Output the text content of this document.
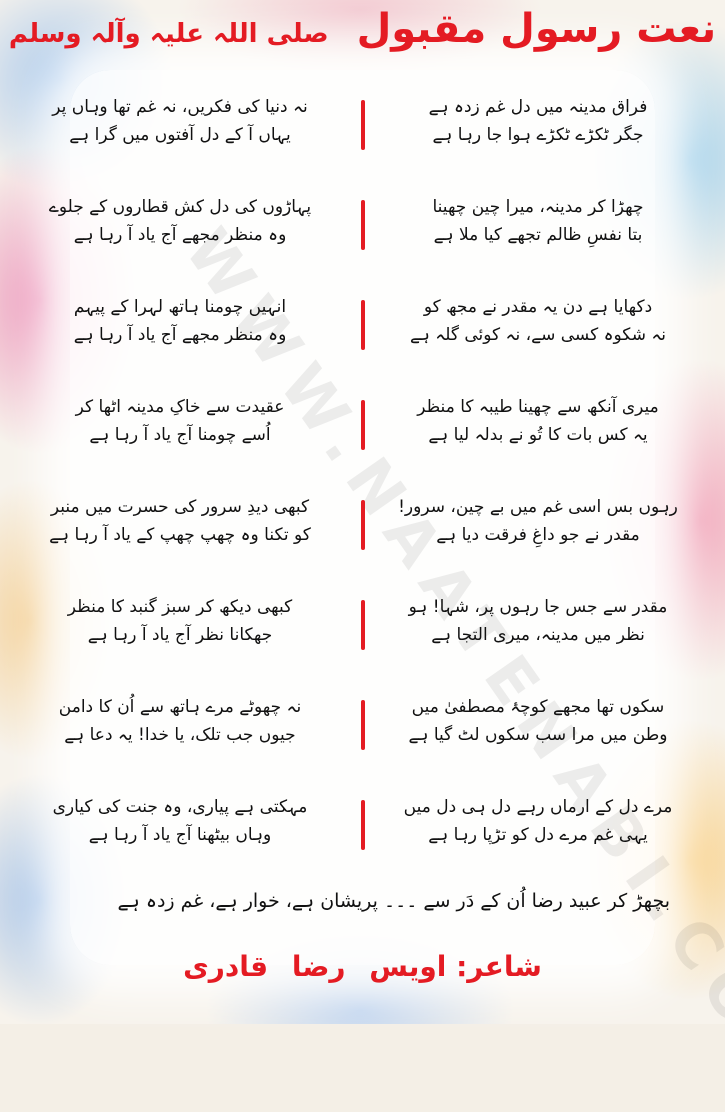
نعت رسول مقبول صلی اللہ علیہ وآلہ وسلم
فراق مدینہ میں دل غم زدہ ہے
جگر ٹکڑے ٹکڑے ہوا جا رہا ہے
چھڑا کر مدینہ، میرا چین چھینا
بتا نفسِ ظالم تجھے کیا ملا ہے
دکھایا ہے دن یہ مقدر نے مجھ کو
نہ شکوہ کسی سے، نہ کوئی گلہ ہے
میری آنکھ سے چھینا طیبہ کا منظر
یہ کس بات کا تُو نے بدلہ لیا ہے
رہوں بس اسی غم میں بے چین، سرور!
مقدر نے جو داغِ فرقت دیا ہے
مقدر سے جس جا رہوں پر، شہا! ہو
نظر میں مدینہ، میری التجا ہے
سکوں تھا مجھے کوچۂ مصطفیٰ میں
وطن میں مرا سب سکوں لٹ گیا ہے
مرے دل کے ارماں رہے دل ہی دل میں
یہی غم مرے دل کو تڑپا رہا ہے
نہ دنیا کی فکریں، نہ غم تھا وہاں پر
یہاں آ کے دل آفتوں میں گرا ہے
پہاڑوں کی دل کش قطاروں کے جلوے
وہ منظر مجھے آج یاد آ رہا ہے
انہیں چومنا ہاتھ لہرا کے پیہم
وہ منظر مجھے آج یاد آ رہا ہے
عقیدت سے خاکِ مدینہ اٹھا کر
اُسے چومنا آج یاد آ رہا ہے
کبھی دیدِ سرور کی حسرت میں منبر
کو تکنا وہ چھپ چھپ کے یاد آ رہا ہے
کبھی دیکھ کر سبز گنبد کا منظر
جھکانا نظر آج یاد آ رہا ہے
نہ چھوٹے مرے ہاتھ سے اُن کا دامن
جیوں جب تلک، یا خدا! یہ دعا ہے
مہکتی ہے پیاری، وہ جنت کی کیاری
وہاں بیٹھنا آج یاد آ رہا ہے
بچھڑ کر عبید رضا اُن کے دَر سے ۔۔۔ پریشان ہے، خوار ہے، غم زدہ ہے
شاعر: اویس رضا قادری
